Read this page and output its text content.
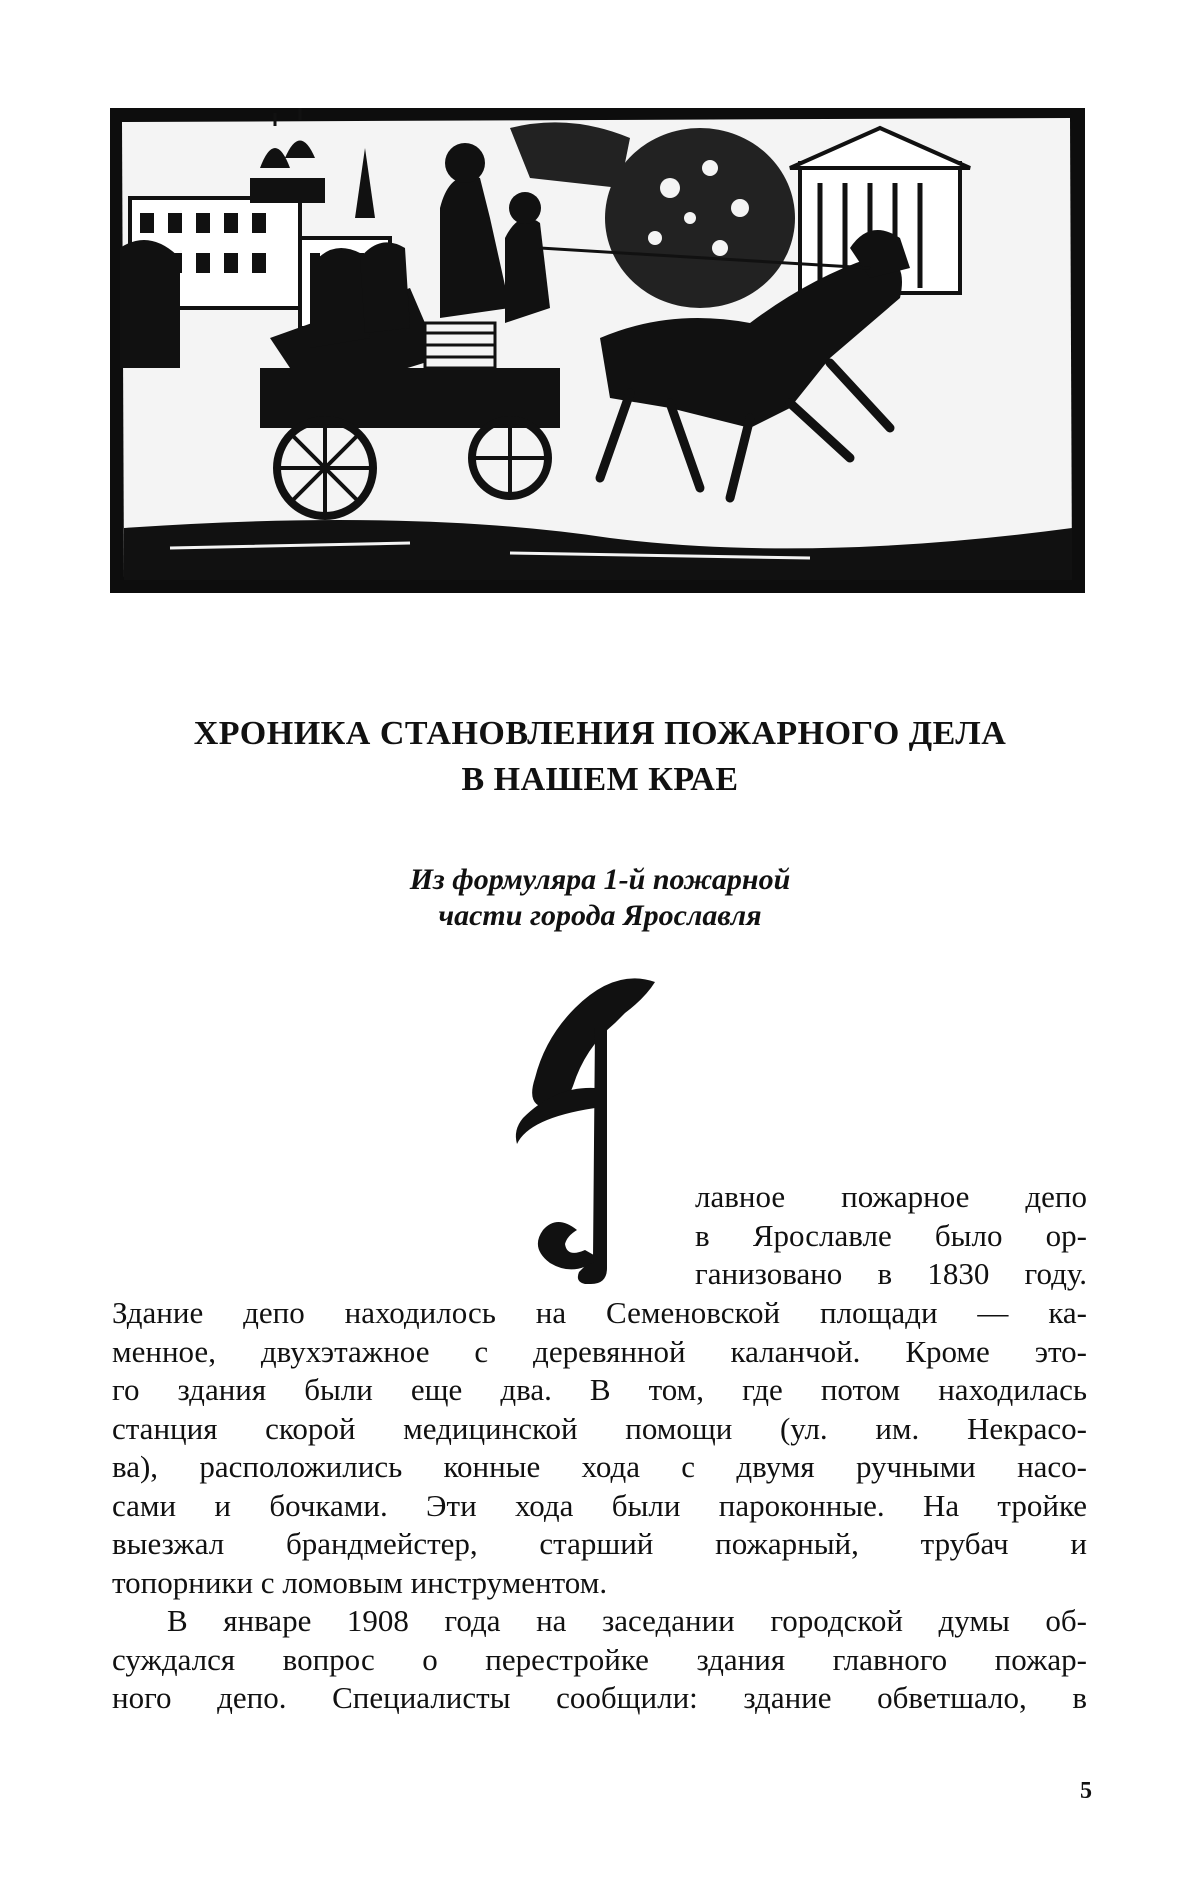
ХРОНИКА СТАНОВЛЕНИЯ ПОЖАРНОГО ДЕЛА
В НАШЕМ КРАЕ
Из формуляра 1-й пожарной
части города Ярославля
лавное пожарное депо
в Ярославле было ор-
ганизовано в 1830 году.
Здание депо находилось на Семеновской площади — ка-
менное, двухэтажное с деревянной каланчой. Кроме это-
го здания были еще два. В том, где потом находилась
станция скорой медицинской помощи (ул. им. Некрасо-
ва), расположились конные хода с двумя ручными насо-
сами и бочками. Эти хода были пароконные. На тройке
выезжал брандмейстер, старший пожарный, трубач и
топорники с ломовым инструментом.
В январе 1908 года на заседании городской думы об-
суждался вопрос о перестройке здания главного пожар-
ного депо. Специалисты сообщили: здание обветшало, в
5
